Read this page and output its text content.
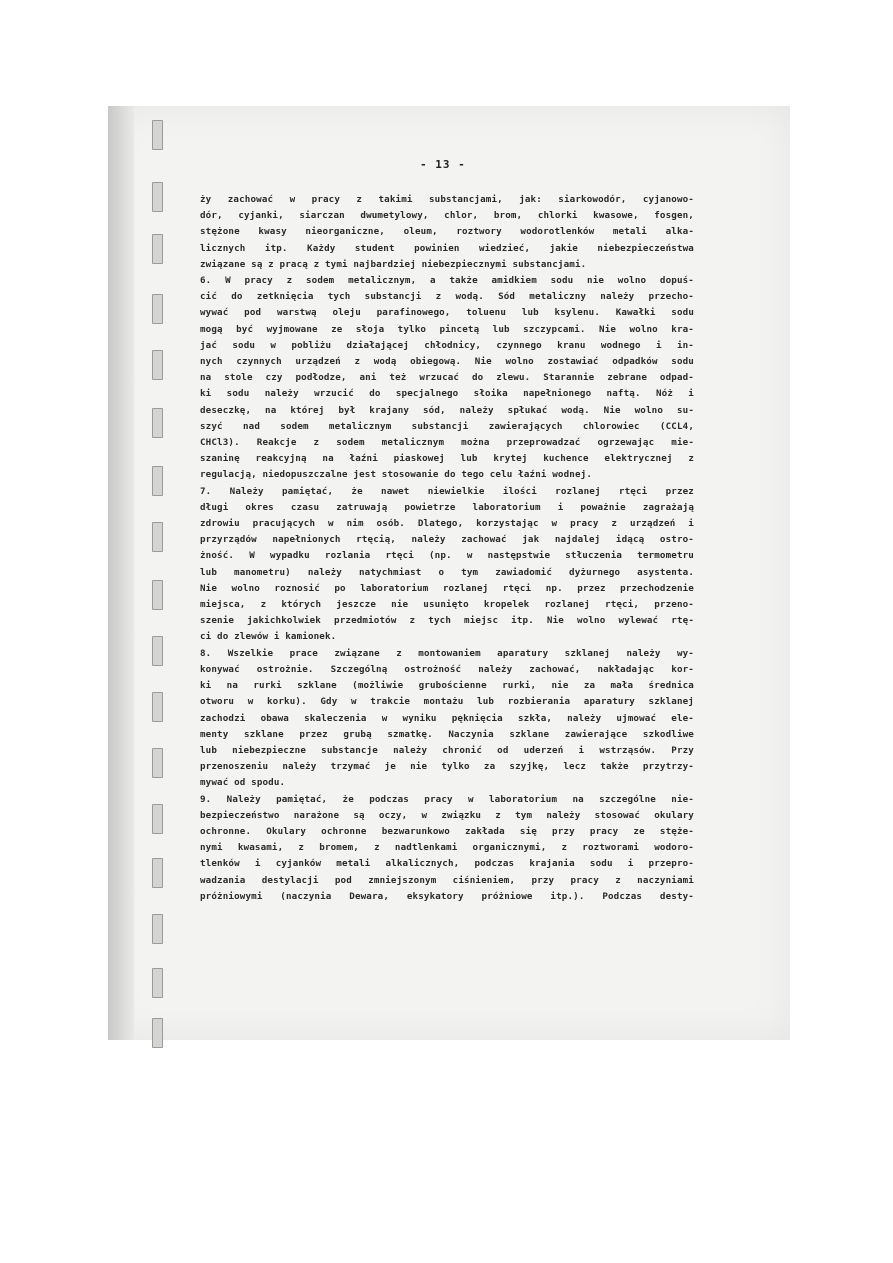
- 13 -
ży zachować w pracy z takimi substancjami, jak: siarkowodór, cyjanowo-
dór, cyjanki, siarczan dwumetylowy, chlor, brom, chlorki kwasowe, fosgen,
stężone kwasy nieorganiczne, oleum, roztwory wodorotlenków metali alka-
licznych itp. Każdy student powinien wiedzieć, jakie niebezpieczeństwa
związane są z pracą z tymi najbardziej niebezpiecznymi substancjami.
6. W pracy z sodem metalicznym, a także amidkiem sodu nie wolno dopuś-
cić do zetknięcia tych substancji z wodą. Sód metaliczny należy przecho-
wywać pod warstwą oleju parafinowego, toluenu lub ksylenu. Kawałki sodu
mogą być wyjmowane ze słoja tylko pincetą lub szczypcami. Nie wolno kra-
jać sodu w pobliżu działającej chłodnicy, czynnego kranu wodnego i in-
nych czynnych urządzeń z wodą obiegową. Nie wolno zostawiać odpadków sodu
na stole czy podłodze, ani też wrzucać do zlewu. Starannie zebrane odpad-
ki sodu należy wrzucić do specjalnego słoika napełnionego naftą. Nóż i
deseczkę, na której był krajany sód, należy spłukać wodą. Nie wolno su-
szyć nad sodem metalicznym substancji zawierających chlorowiec (CCL4,
CHCl3). Reakcje z sodem metalicznym można przeprowadzać ogrzewając mie-
szaninę reakcyjną na łaźni piaskowej lub krytej kuchence elektrycznej z
regulacją, niedopuszczalne jest stosowanie do tego celu łaźni wodnej.
7. Należy pamiętać, że nawet niewielkie ilości rozlanej rtęci przez
długi okres czasu zatruwają powietrze laboratorium i poważnie zagrażają
zdrowiu pracujących w nim osób. Dlatego, korzystając w pracy z urządzeń i
przyrządów napełnionych rtęcią, należy zachować jak najdalej idącą ostro-
żność. W wypadku rozlania rtęci (np. w następstwie stłuczenia termometru
lub manometru) należy natychmiast o tym zawiadomić dyżurnego asystenta.
Nie wolno roznosić po laboratorium rozlanej rtęci np. przez przechodzenie
miejsca, z których jeszcze nie usunięto kropelek rozlanej rtęci, przeno-
szenie jakichkolwiek przedmiotów z tych miejsc itp. Nie wolno wylewać rtę-
ci do zlewów i kamionek.
8. Wszelkie prace związane z montowaniem aparatury szklanej należy wy-
konywać ostrożnie. Szczególną ostrożność należy zachować, nakładając kor-
ki na rurki szklane (możliwie grubościenne rurki, nie za mała średnica
otworu w korku). Gdy w trakcie montażu lub rozbierania aparatury szklanej
zachodzi obawa skaleczenia w wyniku pęknięcia szkła, należy ujmować ele-
menty szklane przez grubą szmatkę. Naczynia szklane zawierające szkodliwe
lub niebezpieczne substancje należy chronić od uderzeń i wstrząsów. Przy
przenoszeniu należy trzymać je nie tylko za szyjkę, lecz także przytrzy-
mywać od spodu.
9. Należy pamiętać, że podczas pracy w laboratorium na szczególne nie-
bezpieczeństwo narażone są oczy, w związku z tym należy stosować okulary
ochronne. Okulary ochronne bezwarunkowo zakłada się przy pracy ze stęże-
nymi kwasami, z bromem, z nadtlenkami organicznymi, z roztworami wodoro-
tlenków i cyjanków metali alkalicznych, podczas krajania sodu i przepro-
wadzania destylacji pod zmniejszonym ciśnieniem, przy pracy z naczyniami
próżniowymi (naczynia Dewara, eksykatory próżniowe itp.). Podczas desty-
